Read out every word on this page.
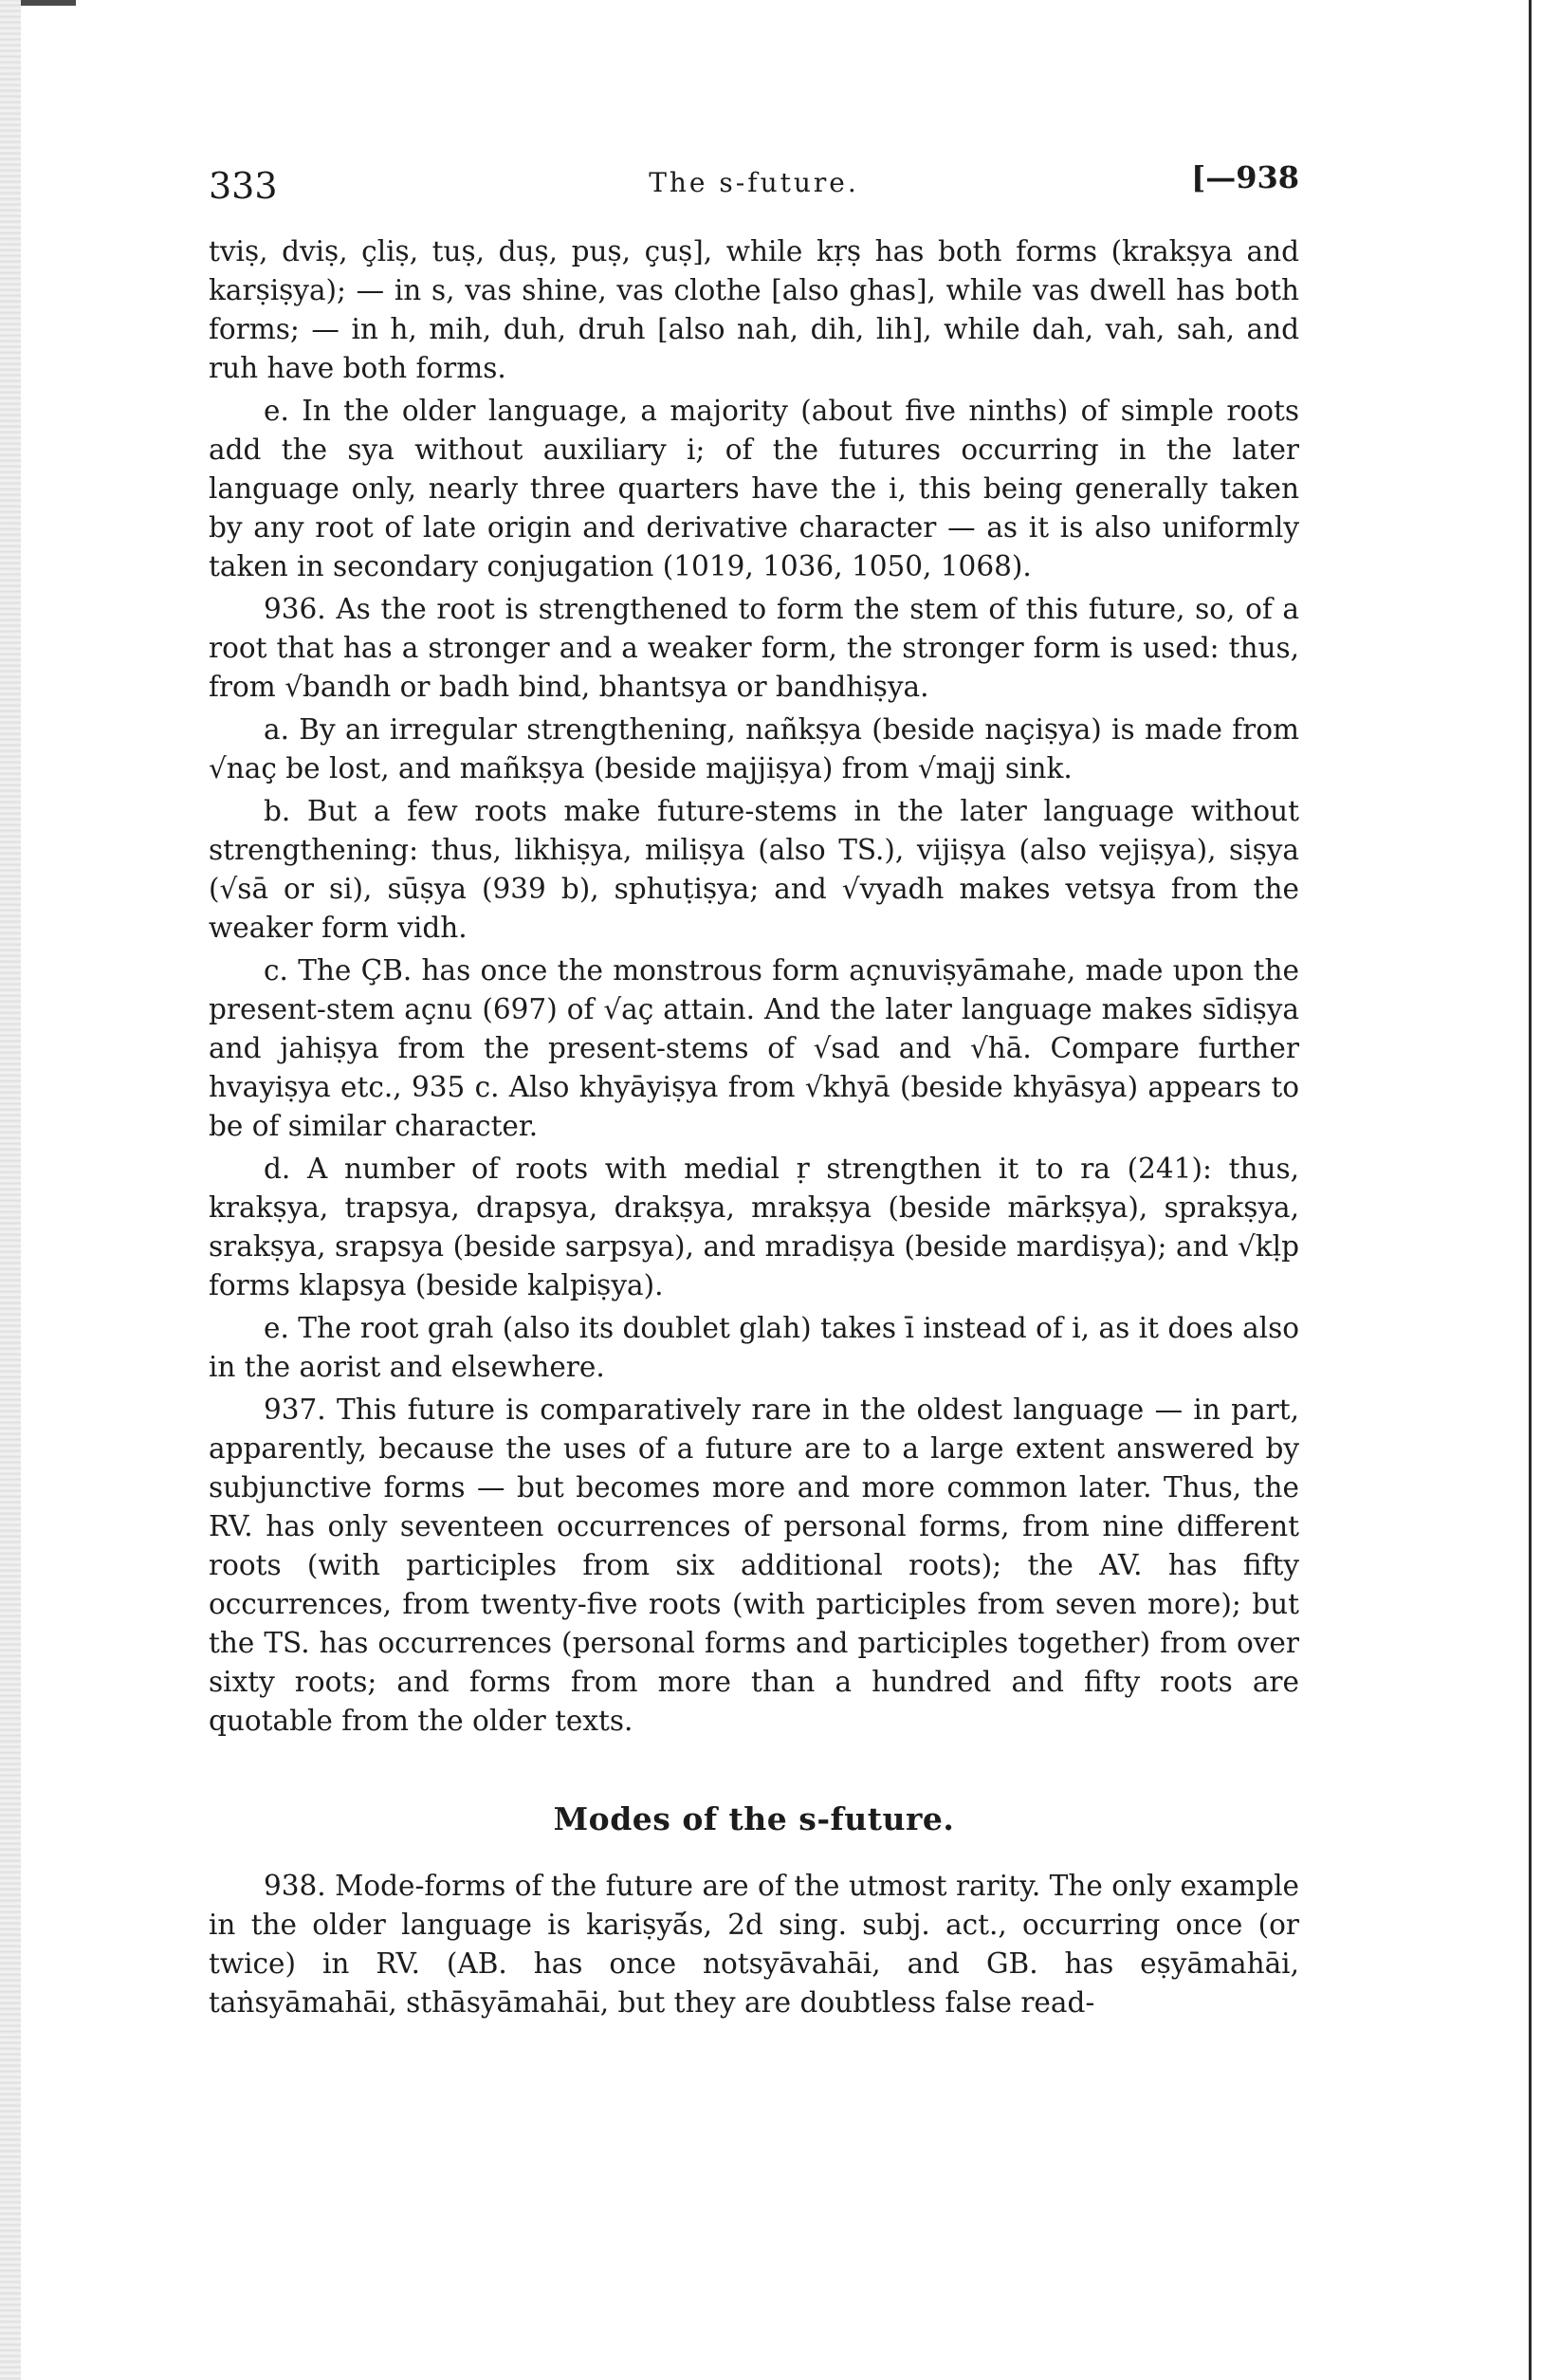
333	The s-future.	[—938

tviṣ, dviṣ, çliṣ, tuṣ, duṣ, puṣ, çuṣ], while kṛṣ has both forms (krakṣya and karṣiṣya); — in s, vas shine, vas clothe [also ghas], while vas dwell has both forms; — in h, mih, duh, druh [also nah, dih, lih], while dah, vah, sah, and ruh have both forms.

e. In the older language, a majority (about five ninths) of simple roots add the sya without auxiliary i; of the futures occurring in the later language only, nearly three quarters have the i, this being generally taken by any root of late origin and derivative character — as it is also uniformly taken in secondary conjugation (1019, 1036, 1050, 1068).

936. As the root is strengthened to form the stem of this future, so, of a root that has a stronger and a weaker form, the stronger form is used: thus, from √bandh or badh bind, bhantsya or bandhiṣya.

a. By an irregular strengthening, nañkṣya (beside naçiṣya) is made from √naç be lost, and mañkṣya (beside majjiṣya) from √majj sink.

b. But a few roots make future-stems in the later language without strengthening: thus, likhiṣya, miliṣya (also TS.), vijiṣya (also vejiṣya), siṣya (√sā or si), sūṣya (939 b), sphuṭiṣya; and √vyadh makes vetsya from the weaker form vidh.

c. The ÇB. has once the monstrous form açnuviṣyāmahe, made upon the present-stem açnu (697) of √aç attain. And the later language makes sīdiṣya and jahiṣya from the present-stems of √sad and √hā. Compare further hvayiṣya etc., 935 c. Also khyāyiṣya from √khyā (beside khyāsya) appears to be of similar character.

d. A number of roots with medial ṛ strengthen it to ra (241): thus, krakṣya, trapsya, drapsya, drakṣya, mrakṣya (beside mārkṣya), sprakṣya, srakṣya, srapsya (beside sarpsya), and mradiṣya (beside mardiṣya); and √kḷp forms klapsya (beside kalpiṣya).

e. The root grah (also its doublet glah) takes ī instead of i, as it does also in the aorist and elsewhere.

937. This future is comparatively rare in the oldest language — in part, apparently, because the uses of a future are to a large extent answered by subjunctive forms — but becomes more and more common later. Thus, the RV. has only seventeen occurrences of personal forms, from nine different roots (with participles from six additional roots); the AV. has fifty occurrences, from twenty-five roots (with participles from seven more); but the TS. has occurrences (personal forms and participles together) from over sixty roots; and forms from more than a hundred and fifty roots are quotable from the older texts.

Modes of the s-future.

938. Mode-forms of the future are of the utmost rarity. The only example in the older language is kariṣyā́s, 2d sing. subj. act., occurring once (or twice) in RV. (AB. has once notsyāvahāi, and GB. has eṣyāmahāi, taṅsyāmahāi, sthāsyāmahāi, but they are doubtless false read-
